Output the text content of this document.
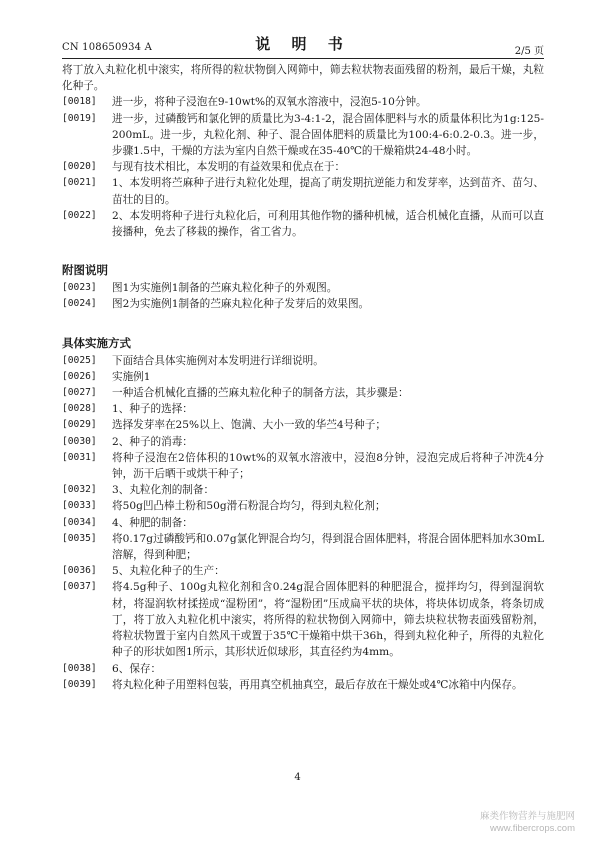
CN 108650934 A	说 明 书	2/5 页
将丁放入丸粒化机中滚实，将所得的粒状物倒入网筛中，筛去粒状物表面残留的粉剂，最后干燥，丸粒化种子。
[0018]	进一步，将种子浸泡在9-10wt%的双氧水溶液中，浸泡5-10分钟。
[0019]	进一步，过磷酸钙和氯化钾的质量比为3-4:1-2，混合固体肥料与水的质量体积比为1g:125-200mL。进一步，丸粒化剂、种子、混合固体肥料的质量比为100:4-6:0.2-0.3。进一步，步骤1.5中，干燥的方法为室内自然干燥或在35-40℃的干燥箱烘24-48小时。
[0020]	与现有技术相比，本发明的有益效果和优点在于：
[0021]	1、本发明将苎麻种子进行丸粒化处理，提高了萌发期抗逆能力和发芽率，达到苗齐、苗匀、苗壮的目的。
[0022]	2、本发明将种子进行丸粒化后，可利用其他作物的播种机械，适合机械化直播，从而可以直接播种，免去了移栽的操作，省工省力。
附图说明
[0023]	图1为实施例1制备的苎麻丸粒化种子的外观图。
[0024]	图2为实施例1制备的苎麻丸粒化种子发芽后的效果图。
具体实施方式
[0025]	下面结合具体实施例对本发明进行详细说明。
[0026]	实施例1
[0027]	一种适合机械化直播的苎麻丸粒化种子的制备方法，其步骤是：
[0028]	1、种子的选择：
[0029]	选择发芽率在25%以上、饱满、大小一致的华苎4号种子；
[0030]	2、种子的消毒：
[0031]	将种子浸泡在2倍体积的10wt%的双氧水溶液中，浸泡8分钟，浸泡完成后将种子冲洗4分钟，沥干后晒干或烘干种子；
[0032]	3、丸粒化剂的制备：
[0033]	将50g凹凸棒土粉和50g滑石粉混合均匀，得到丸粒化剂；
[0034]	4、种肥的制备：
[0035]	将0.17g过磷酸钙和0.07g氯化钾混合均匀，得到混合固体肥料，将混合固体肥料加水30mL溶解，得到种肥；
[0036]	5、丸粒化种子的生产：
[0037]	将4.5g种子、100g丸粒化剂和含0.24g混合固体肥料的种肥混合，搅拌均匀，得到湿润软材，将湿润软材揉搓成“湿粉团”，将“湿粉团”压成扁平状的块体，将块体切成条，将条切成丁，将丁放入丸粒化机中滚实，将所得的粒状物倒入网筛中，筛去块粒状物表面残留粉剂，将粒状物置于室内自然风干或置于35℃干燥箱中烘干36h，得到丸粒化种子，所得的丸粒化种子的形状如图1所示，其形状近似球形，其直径约为4mm。
[0038]	6、保存：
[0039]	将丸粒化种子用塑料包装，再用真空机抽真空，最后存放在干燥处或4℃冰箱中内保存。
4
麻类作物营养与施肥网
www.fibercrops.com
